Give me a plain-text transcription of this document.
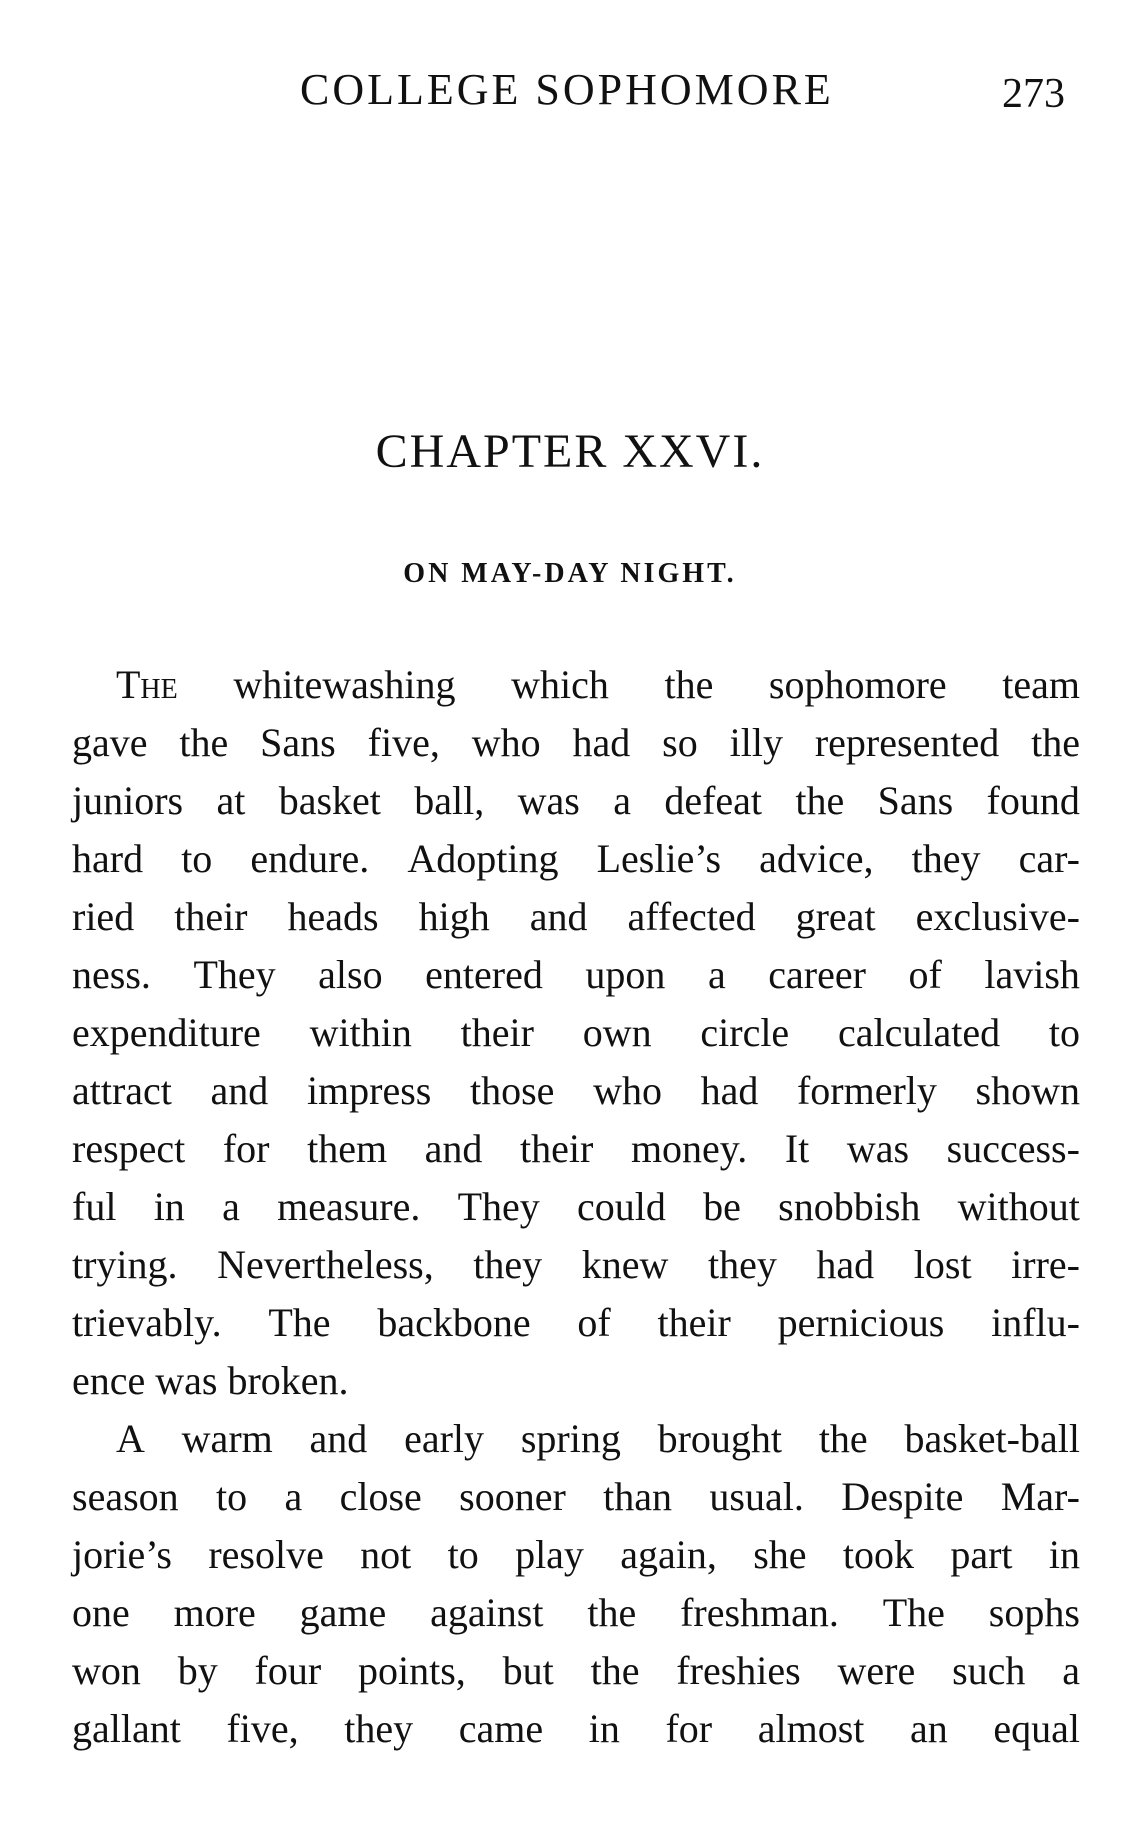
COLLEGE SOPHOMORE	273
CHAPTER XXVI.
ON MAY-DAY NIGHT.
The whitewashing which the sophomore team
gave the Sans five, who had so illy represented the
juniors at basket ball, was a defeat the Sans found
hard to endure. Adopting Leslie’s advice, they car-
ried their heads high and affected great exclusive-
ness. They also entered upon a career of lavish
expenditure within their own circle calculated to
attract and impress those who had formerly shown
respect for them and their money. It was success-
ful in a measure. They could be snobbish without
trying. Nevertheless, they knew they had lost irre-
trievably. The backbone of their pernicious influ-
ence was broken.
A warm and early spring brought the basket-ball
season to a close sooner than usual. Despite Mar-
jorie’s resolve not to play again, she took part in
one more game against the freshman. The sophs
won by four points, but the freshies were such a
gallant five, they came in for almost an equal
